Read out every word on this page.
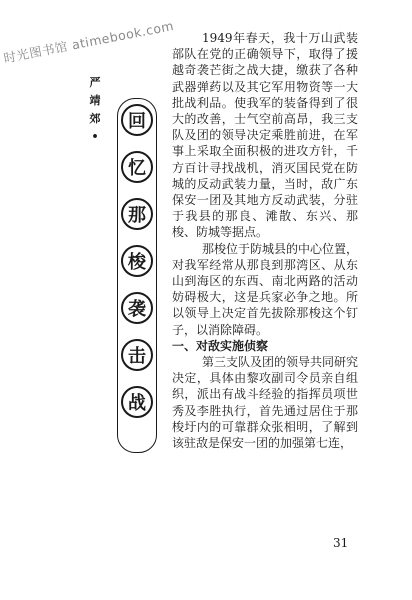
时光图书馆 atimebook.com
严
靖
郊
•
回
忆
那
梭
袭
击
战

1949年春天，我十万山武装部队在党的正确领导下，取得了援越奇袭芒街之战大捷，缴获了各种武器弹药以及其它军用物资等一大批战利品。使我军的装备得到了很大的改善，士气空前高昂，我三支队及团的领导决定乘胜前进，在军事上采取全面积极的进攻方针，千方百计寻找战机，消灭国民党在防城的反动武装力量，当时，敌广东保安一团及其地方反动武装，分驻于我县的那良、滩散、东兴、那梭、防城等据点。

那梭位于防城县的中心位置，对我军经常从那良到那湾区、从东山到海区的东西、南北两路的活动妨碍极大，这是兵家必争之地。所以领导上决定首先拔除那梭这个钉子，以消除障碍。

一、对敌实施侦察

第三支队及团的领导共同研究决定，具体由黎攻副司令员亲自组织，派出有战斗经验的指挥员项世秀及李胜执行，首先通过居住于那梭圩内的可靠群众张相明，了解到该驻敌是保安一团的加强第七连，

31
